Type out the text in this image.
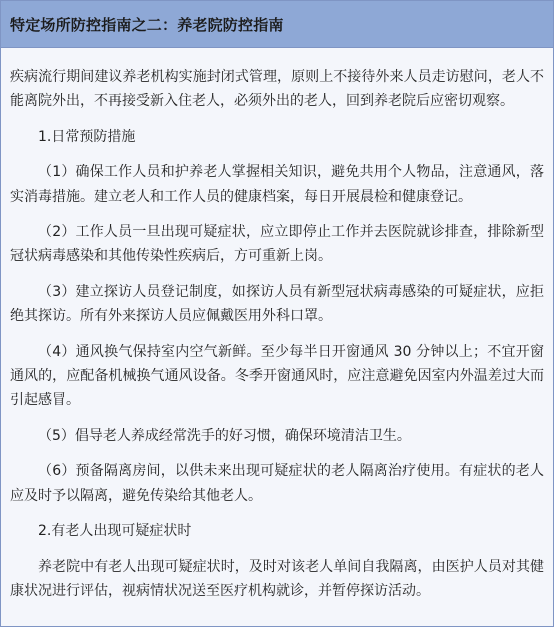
特定场所防控指南之二：养老院防控指南

疾病流行期间建议养老机构实施封闭式管理，原则上不接待外来人员走访慰问，老人不能离院外出，不再接受新入住老人，必须外出的老人，回到养老院后应密切观察。

1.日常预防措施

（1）确保工作人员和护养老人掌握相关知识，避免共用个人物品，注意通风，落实消毒措施。建立老人和工作人员的健康档案，每日开展晨检和健康登记。

（2）工作人员一旦出现可疑症状，应立即停止工作并去医院就诊排查，排除新型冠状病毒感染和其他传染性疾病后，方可重新上岗。

（3）建立探访人员登记制度，如探访人员有新型冠状病毒感染的可疑症状，应拒绝其探访。所有外来探访人员应佩戴医用外科口罩。

（4）通风换气保持室内空气新鲜。至少每半日开窗通风 30 分钟以上；不宜开窗通风的，应配备机械换气通风设备。冬季开窗通风时，应注意避免因室内外温差过大而引起感冒。

（5）倡导老人养成经常洗手的好习惯，确保环境清洁卫生。

（6）预备隔离房间，以供未来出现可疑症状的老人隔离治疗使用。有症状的老人应及时予以隔离，避免传染给其他老人。

2.有老人出现可疑症状时

养老院中有老人出现可疑症状时，及时对该老人单间自我隔离，由医护人员对其健康状况进行评估，视病情状况送至医疗机构就诊，并暂停探访活动。
